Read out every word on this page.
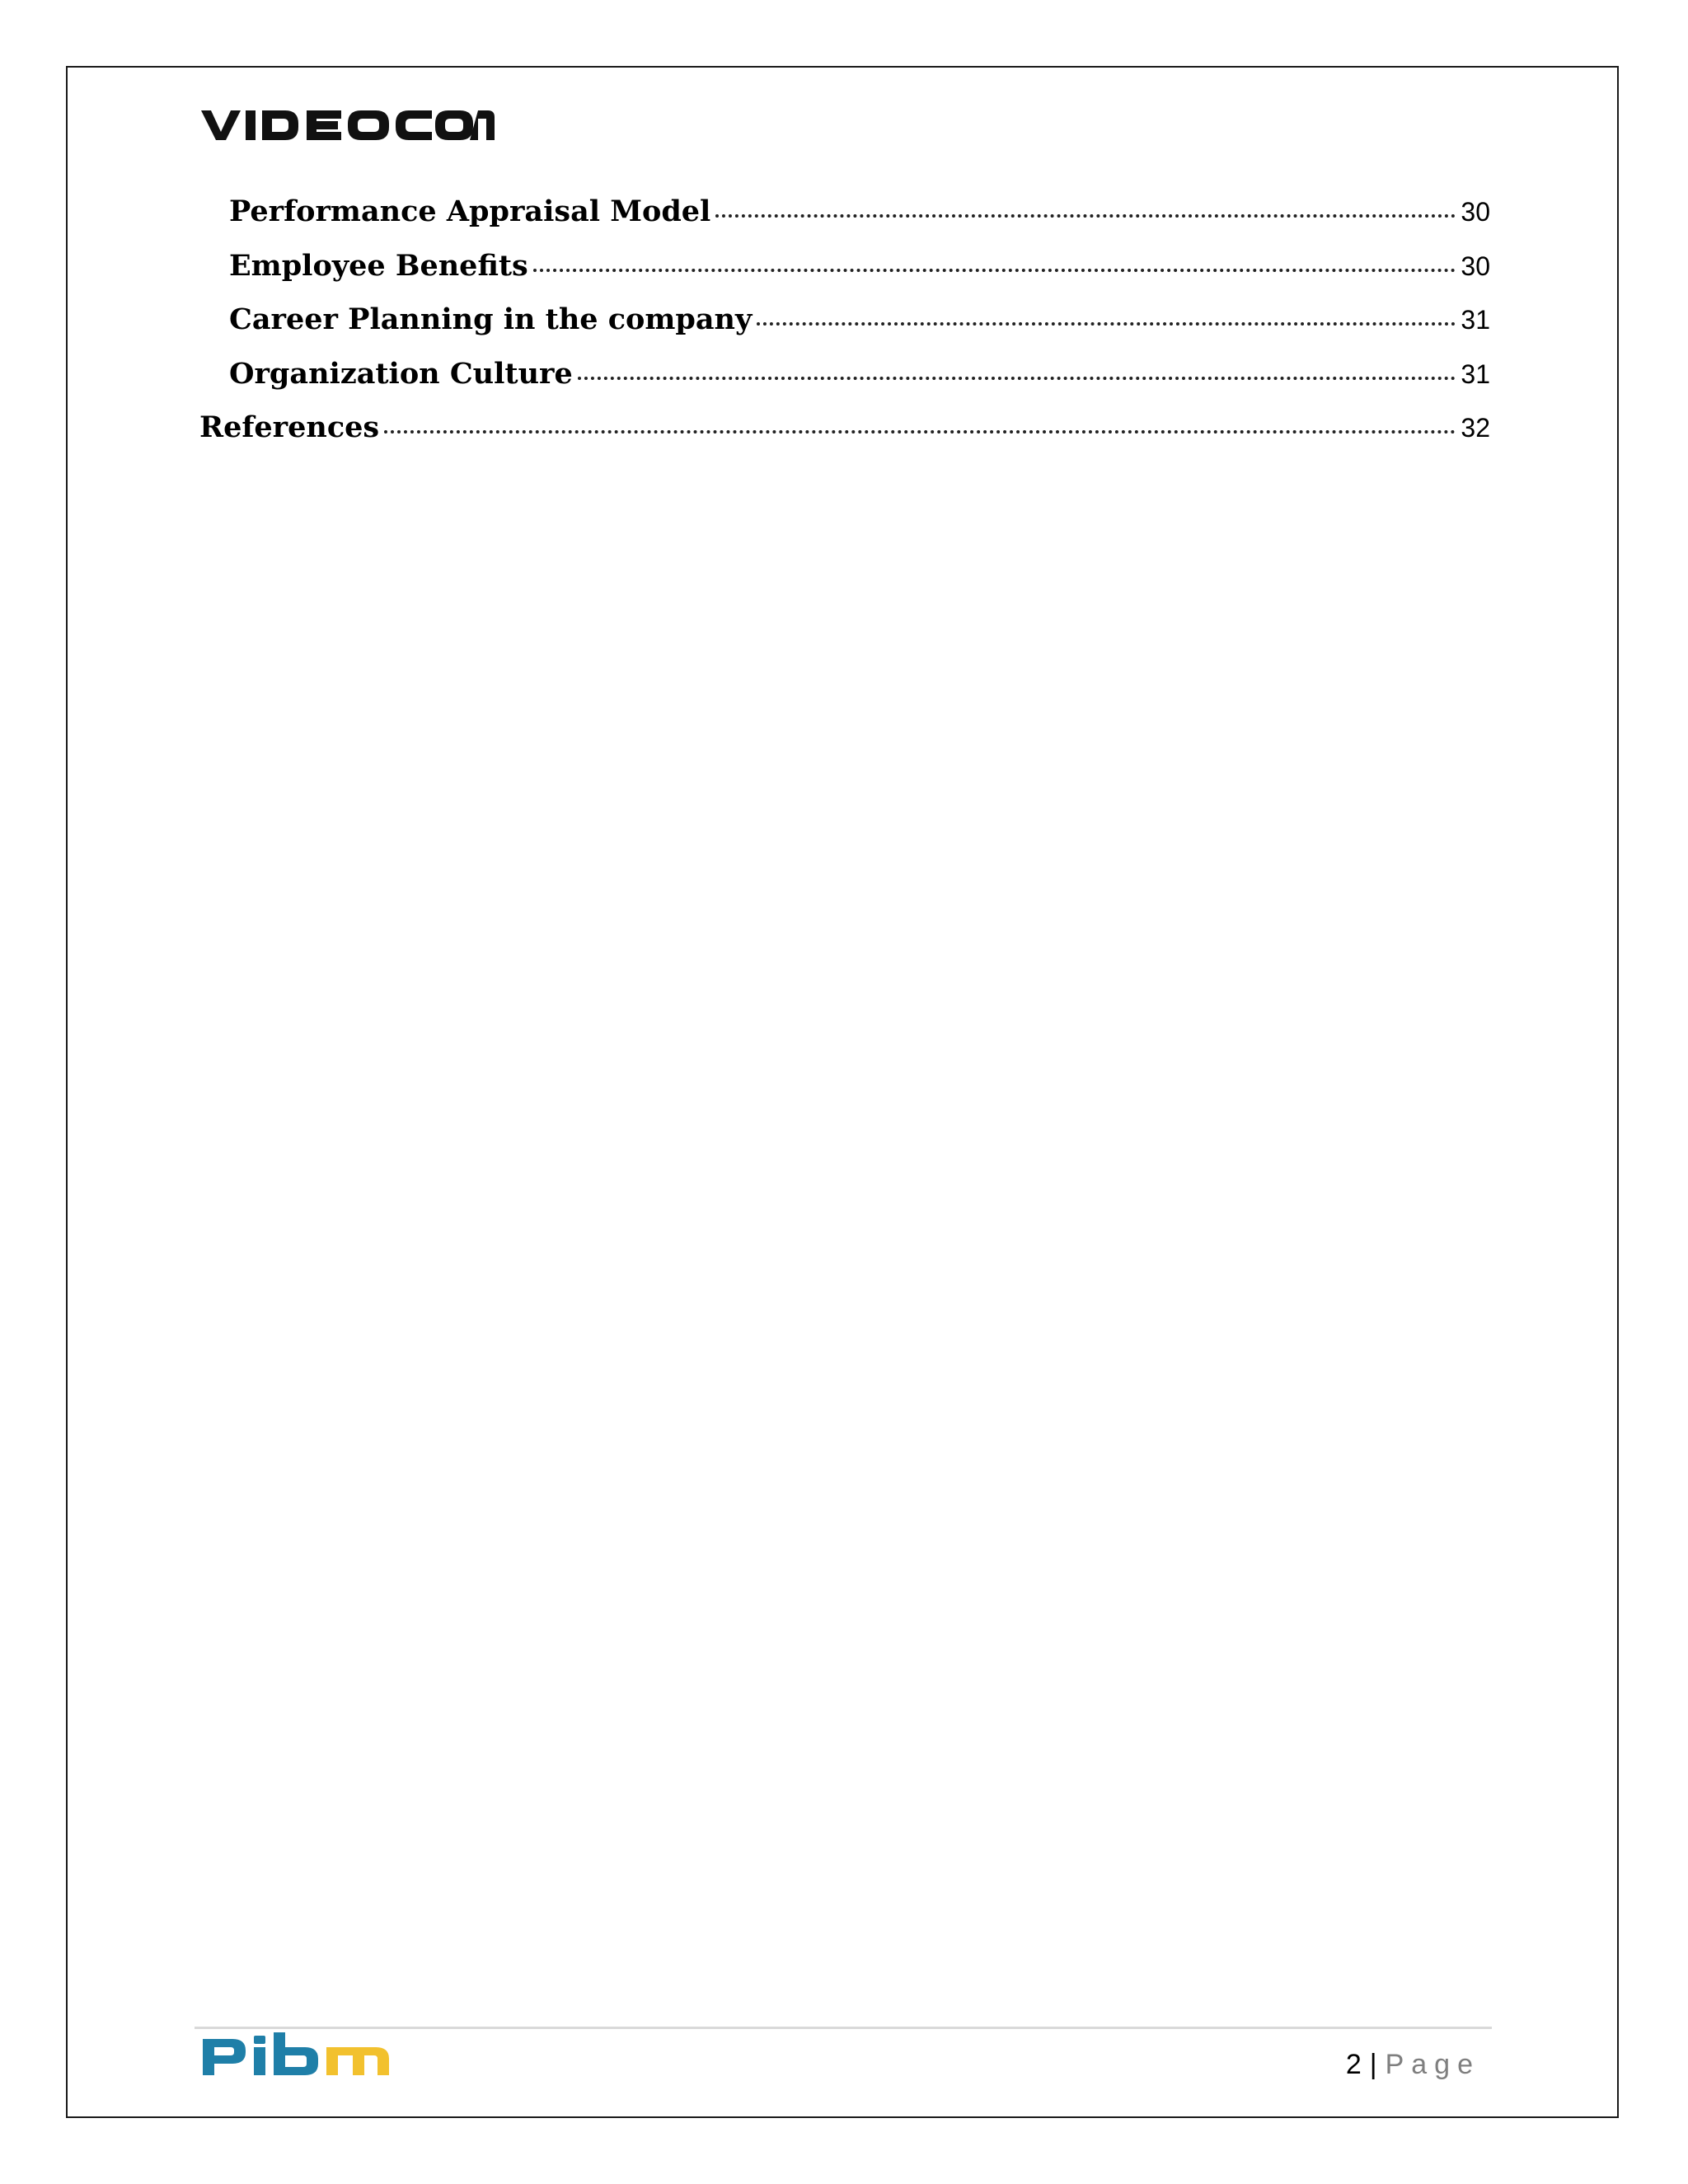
Performance Appraisal Model	30
Employee Benefits	30
Career Planning in the company	31
Organization Culture	31
References	32
2 | Page
